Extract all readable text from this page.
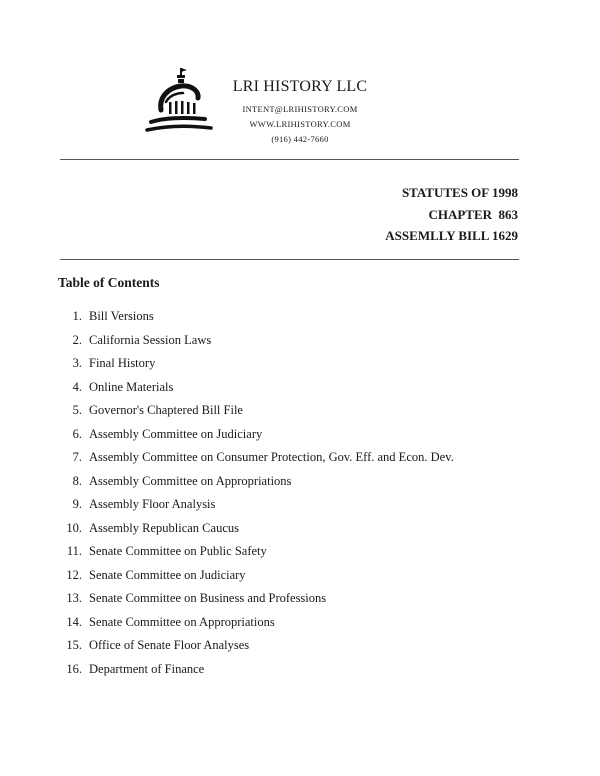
LRI HISTORY LLC
INTENT@LRIHISTORY.COM
WWW.LRIHISTORY.COM
(916) 442-7660
STATUTES OF 1998
CHAPTER  863
ASSEMLLY BILL 1629
Table of Contents
1. Bill Versions
2. California Session Laws
3. Final History
4. Online Materials
5. Governor's Chaptered Bill File
6. Assembly Committee on Judiciary
7. Assembly Committee on Consumer Protection, Gov. Eff. and Econ. Dev.
8. Assembly Committee on Appropriations
9. Assembly Floor Analysis
10. Assembly Republican Caucus
11. Senate Committee on Public Safety
12. Senate Committee on Judiciary
13. Senate Committee on Business and Professions
14. Senate Committee on Appropriations
15. Office of Senate Floor Analyses
16. Department of Finance
